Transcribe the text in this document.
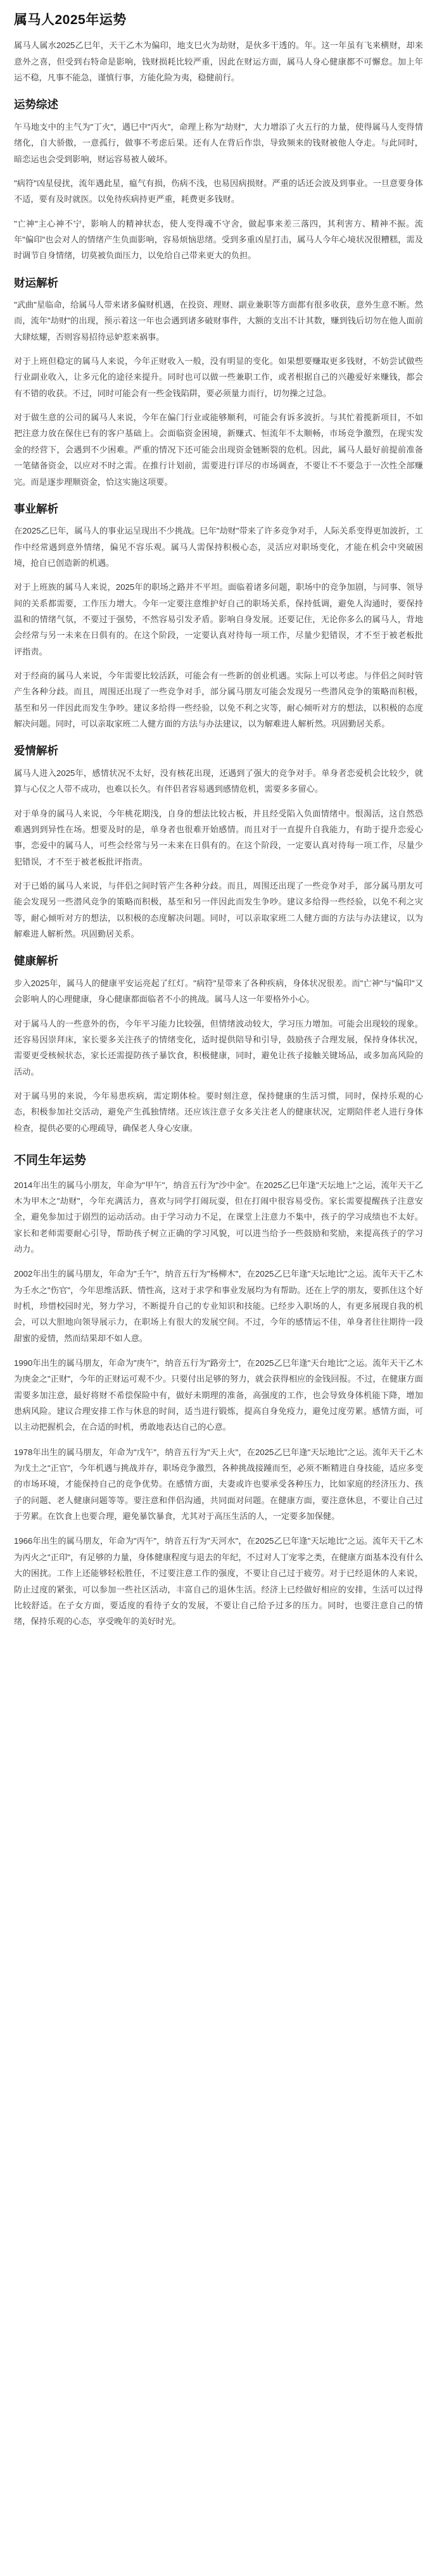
属马人2025年运势

属马人属水2025乙巳年，天干乙木为偏印，地支巳火为劫财，是伙多干透的。年。这一年虽有飞来横财，却来意外之喜，但受到右特命是影响，钱财损耗比较严重，因此在财运方面，属马人身心健康都不可懈怠。加上年运不稳，凡事不能急，谨慎行事，方能化险为夷，稳健前行。

运势综述

午马地支中的主气为"丁火"，遇巳中"丙火"，命理上称为"劫财"，大力增添了火五行的力量，使得属马人变得情绪化，自大骄傲，一意孤行，做事不考虑后果。还有人在背后作祟，导致频来的钱财被他人夺走。与此同时，暗恋运也会受到影响，财运容易被人破坏。

"病符"凶星侵扰，流年遇此星，瘟气有损，伤病不浅，也易因病损财。严重的话还会波及到事业。一旦意要身体不适，要有及时就医。以免待疾病持更严重，耗费更多钱财。

"亡神"主心神不宁，影响人的精神状态，使人变得魂不守舍，做起事来差三落四，其利害方、精神不振。流年"偏印"也会对人的情绪产生负面影响，容易烦恼思绪。受到多重凶星打击，属马人今年心境状况很糟糕，需及时调节自身情绪，切莫被负面压力，以免给自己带来更大的负担。

财运解析

"武曲"星临命，给属马人带来诸多偏财机遇，在投资、理财、副业兼职等方面都有很多收获，意外生意不断。然而，流年"劫财"的出现，预示着这一年也会遇到诸多破财事件，大额的支出不计其数，赚到钱后切勿在他人面前大肆炫耀，否则容易招待忌妒惹来祸事。

对于上班但稳定的属马人来说，今年正财收入一般，没有明显的变化。如果想要赚取更多钱财，不妨尝试做些行业副业收入，让多元化的途径来提升。同时也可以做一些兼职工作，或者根据自己的兴趣爱好来赚钱，都会有不错的收获。不过，同时可能会有一些金钱陷阱，要必须量力而行，切勿操之过急。

对于做生意的公司的属马人来说，今年在偏门行业或能够顺利，可能会有诉多波折。与其忙着揽新项目，不如把注意力放在保住已有的客户基础上。会面临资金困境，新赚式、恒流年不太顺畅，市场竞争激烈，在现实发金的经营下，会遇到不少困难。严重的情况下还可能会出现资金链断裂的危机。因此，属马人最好前提前准备一笔储备资金，以应对不时之需。在推行计划前，需要进行详尽的市场调查，不要让不不要急于一次性全部赚完。而是逐步理顺资金，恰这实施这项要。

事业解析

在2025乙巳年，属马人的事业运呈现出不少挑战。巳年"劫财"带来了许多竞争对手，人际关系变得更加波折，工作中经常遇到意外情绪，偏见不容乐观。属马人需保持积极心态，灵活应对职场变化，才能在机会中突破困境，抢自已创造新的机遇。

对于上班族的属马人来说，2025年的职场之路并不平坦。面临着诸多问题，职场中的竞争加剧，与同事、领导间的关系都需要，工作压力增大。今年一定要注意维护好自己的职场关系，保持低调，避免人沟通时，要保持温和的情绪气氛，不要过于强势，不然容易引发矛盾。影响自身发展。还要记住，无论你多么的属马人，背地会经常与另一未来在日俱有的。在这个阶段，一定要认真对待每一项工作，尽量少犯错误，才不至于被老板批评指责。

对于经商的属马人来说，今年需要比较活跃，可能会有一些新的创业机遇。实际上可以考虑。与伴侣之间时管产生各种分歧。而且，周围还出现了一些竞争对手，部分属马朋友可能会发现另一些潜风竞争的策略而积极，基至和另一伴因此而发生争吵。建议多给得一些经验，以免不利之灾等，耐心倾听对方的想法，以积极的态度解决问题。同时，可以亲取家班二人健方面的方法与办法建议，以为解难进人解析然。巩固勤居关系。

爱情解析

属马人进入2025年，感情状况不太好，没有核花出现，还遇到了强大的竞争对手。单身者恋爱机会比较少，就算与心仪之人带不成功，也难以长久。有伴侣者容易遇到感情危机，需要多多留心。

对于单身的属马人来说，今年桃花期浅，自身的想法比较古板，并且经受陷入负面情绪中。恨渴活，这自然恐难遇到到异性在场。想要及时的是，单身者也很难开始感情。而且对于一直提升自我能力，有助于提升恋爱心事，恋爱中的属马人，可些会经常与另一未来在日俱有的。在这个阶段，一定要认真对待每一项工作，尽量少犯错误，才不至于被老板批评指责。

对于已婚的属马人来说，与伴侣之间时管产生各种分歧。而且，周围还出现了一些竞争对手，部分属马朋友可能会发现另一些潜风竞争的策略而积极，基至和另一伴因此而发生争吵。建议多给得一些经验，以免不利之灾等，耐心倾听对方的想法，以积极的态度解决问题。同时，可以亲取家班二人健方面的方法与办法建议，以为解难进人解析然。巩固勤居关系。

健康解析

步入2025年，属马人的健康平安运亮起了红灯。"病符"星带来了各种疾病，身体状况很差。而"亡神"与"偏印"又会影响人的心理健康，身心健康都面临者不小的挑战。属马人这一年要格外小心。

对于属马人的一些意外的伤，今年平习能力比较强，但情绪波动较大，学习压力增加。可能会出现较的现象。还容易因崇拜床，家长要多关注孩子的情绪变化，适时提供陪导和引导，鼓励孩子合理发展，保持身体状况，需要更受核候状态，家长还需提防孩子暴饮食，积极健康，同时，避免让孩子接触关键场品，或多加高风险的活动。

对于属马男的来说，今年易患疾病，需定期体检。要时刻注意，保持健康的生活习惯，同时，保持乐观的心态，积极参加社交活动，避免产生孤独情绪。还应该注意子女多关注老人的健康状况，定期陪伴老人进行身体检查，提供必要的心理疏导，确保老人身心安康。

不同生年运势

2014年出生的属马小朋友，年命为"甲午"，纳音五行为"沙中金"。在2025乙巳年逢"天坛地上"之运，流年天干乙木为甲木之"劫财"，今年充满活力，喜欢与同学打闹玩耍，但在打闹中很容易受伤。家长需要提醒孩子注意安全，避免参加过于剧烈的运动活动。由于学习动力不足，在课堂上注意力不集中，孩子的学习成绩也不太好。家长和老师需要耐心引导，帮助孩子树立正确的学习风貌，可以进当给予一些鼓励和奖励，来提高孩子的学习动力。

2002年出生的属马朋友，年命为"壬午"，纳音五行为"杨柳木"，在2025乙巳年逢"天坛地比"之运。流年天干乙木为壬水之"伤官"，今年思维活跃、情性高，这对于求学和事业发展均为有帮助。还在上学的朋友，要抓住这个好时机，珍惜校园时光，努力学习，不断提升自己的专业知识和技能。已经步入职场的人，有更多展现自我的机会，可以大胆地向领导展示力，在职场上有很大的发展空间。不过，今年的感情运不佳，单身者往往期待一段甜蜜的爱情，然而结果却不如人意。

1990年出生的属马朋友，年命为"庚午"，纳音五行为"路旁土"，在2025乙巳年逢"天台地比"之运。流年天干乙木为庚金之"正财"，今年的正财运可观不少。只要付出足够的努力，就会获得相应的金钱回报。不过，在健康方面需要多加注意，最好将财不希偿保险中有，做好未期理的准备，高强度的工作，也会导致身体机能下降，增加患病风险。建议合理安排工作与休息的时间，适当进行锻炼，提高自身免疫力，避免过度劳累。感情方面，可以主动把握机会，在合适的时机，勇敢地表达自己的心意。

1978年出生的属马朋友，年命为"戊午"，纳音五行为"天上火"，在2025乙巳年逢"天坛地比"之运。流年天干乙木为戊土之"正官"，今年机遇与挑战并存，职场竞争激烈，各种挑战接踵而至，必须不断精进自身技能，适应多变的市场环境，才能保持自己的竞争优势。在感情方面，夫妻或许也要承受各种压力，比如家庭的经济压力、孩子的问题、老人健康问题等等。要注意和伴侣沟通，共同面对问题。在健康方面，要注意休息，不要让自己过于劳累。在饮食上也要合理，避免暴饮暴食，尤其对于高压生活的人，一定要多加保健。

1966年出生的属马朋友，年命为"丙午"，纳音五行为"天河水"，在2025乙巳年逢"天坛地比"之运。流年天干乙木为丙火之"正印"，有足够的力量，身体健康程度与退去的年纪，不过对人丁宠零之类，在健康方面基本没有什么大的困扰。工作上还能够轻松胜任，不过要注意工作的强度，不要让自己过于疲劳。对于已经退休的人来说，防止过度的紧张，可以参加一些社区活动，丰富自己的退休生活。经济上已经做好相应的安排，生活可以过得比较舒适。在子女方面，要适度的看待子女的发展，不要让自己给予过多的压力。同时，也要注意自己的情绪，保持乐观的心态，享受晚年的美好时光。
